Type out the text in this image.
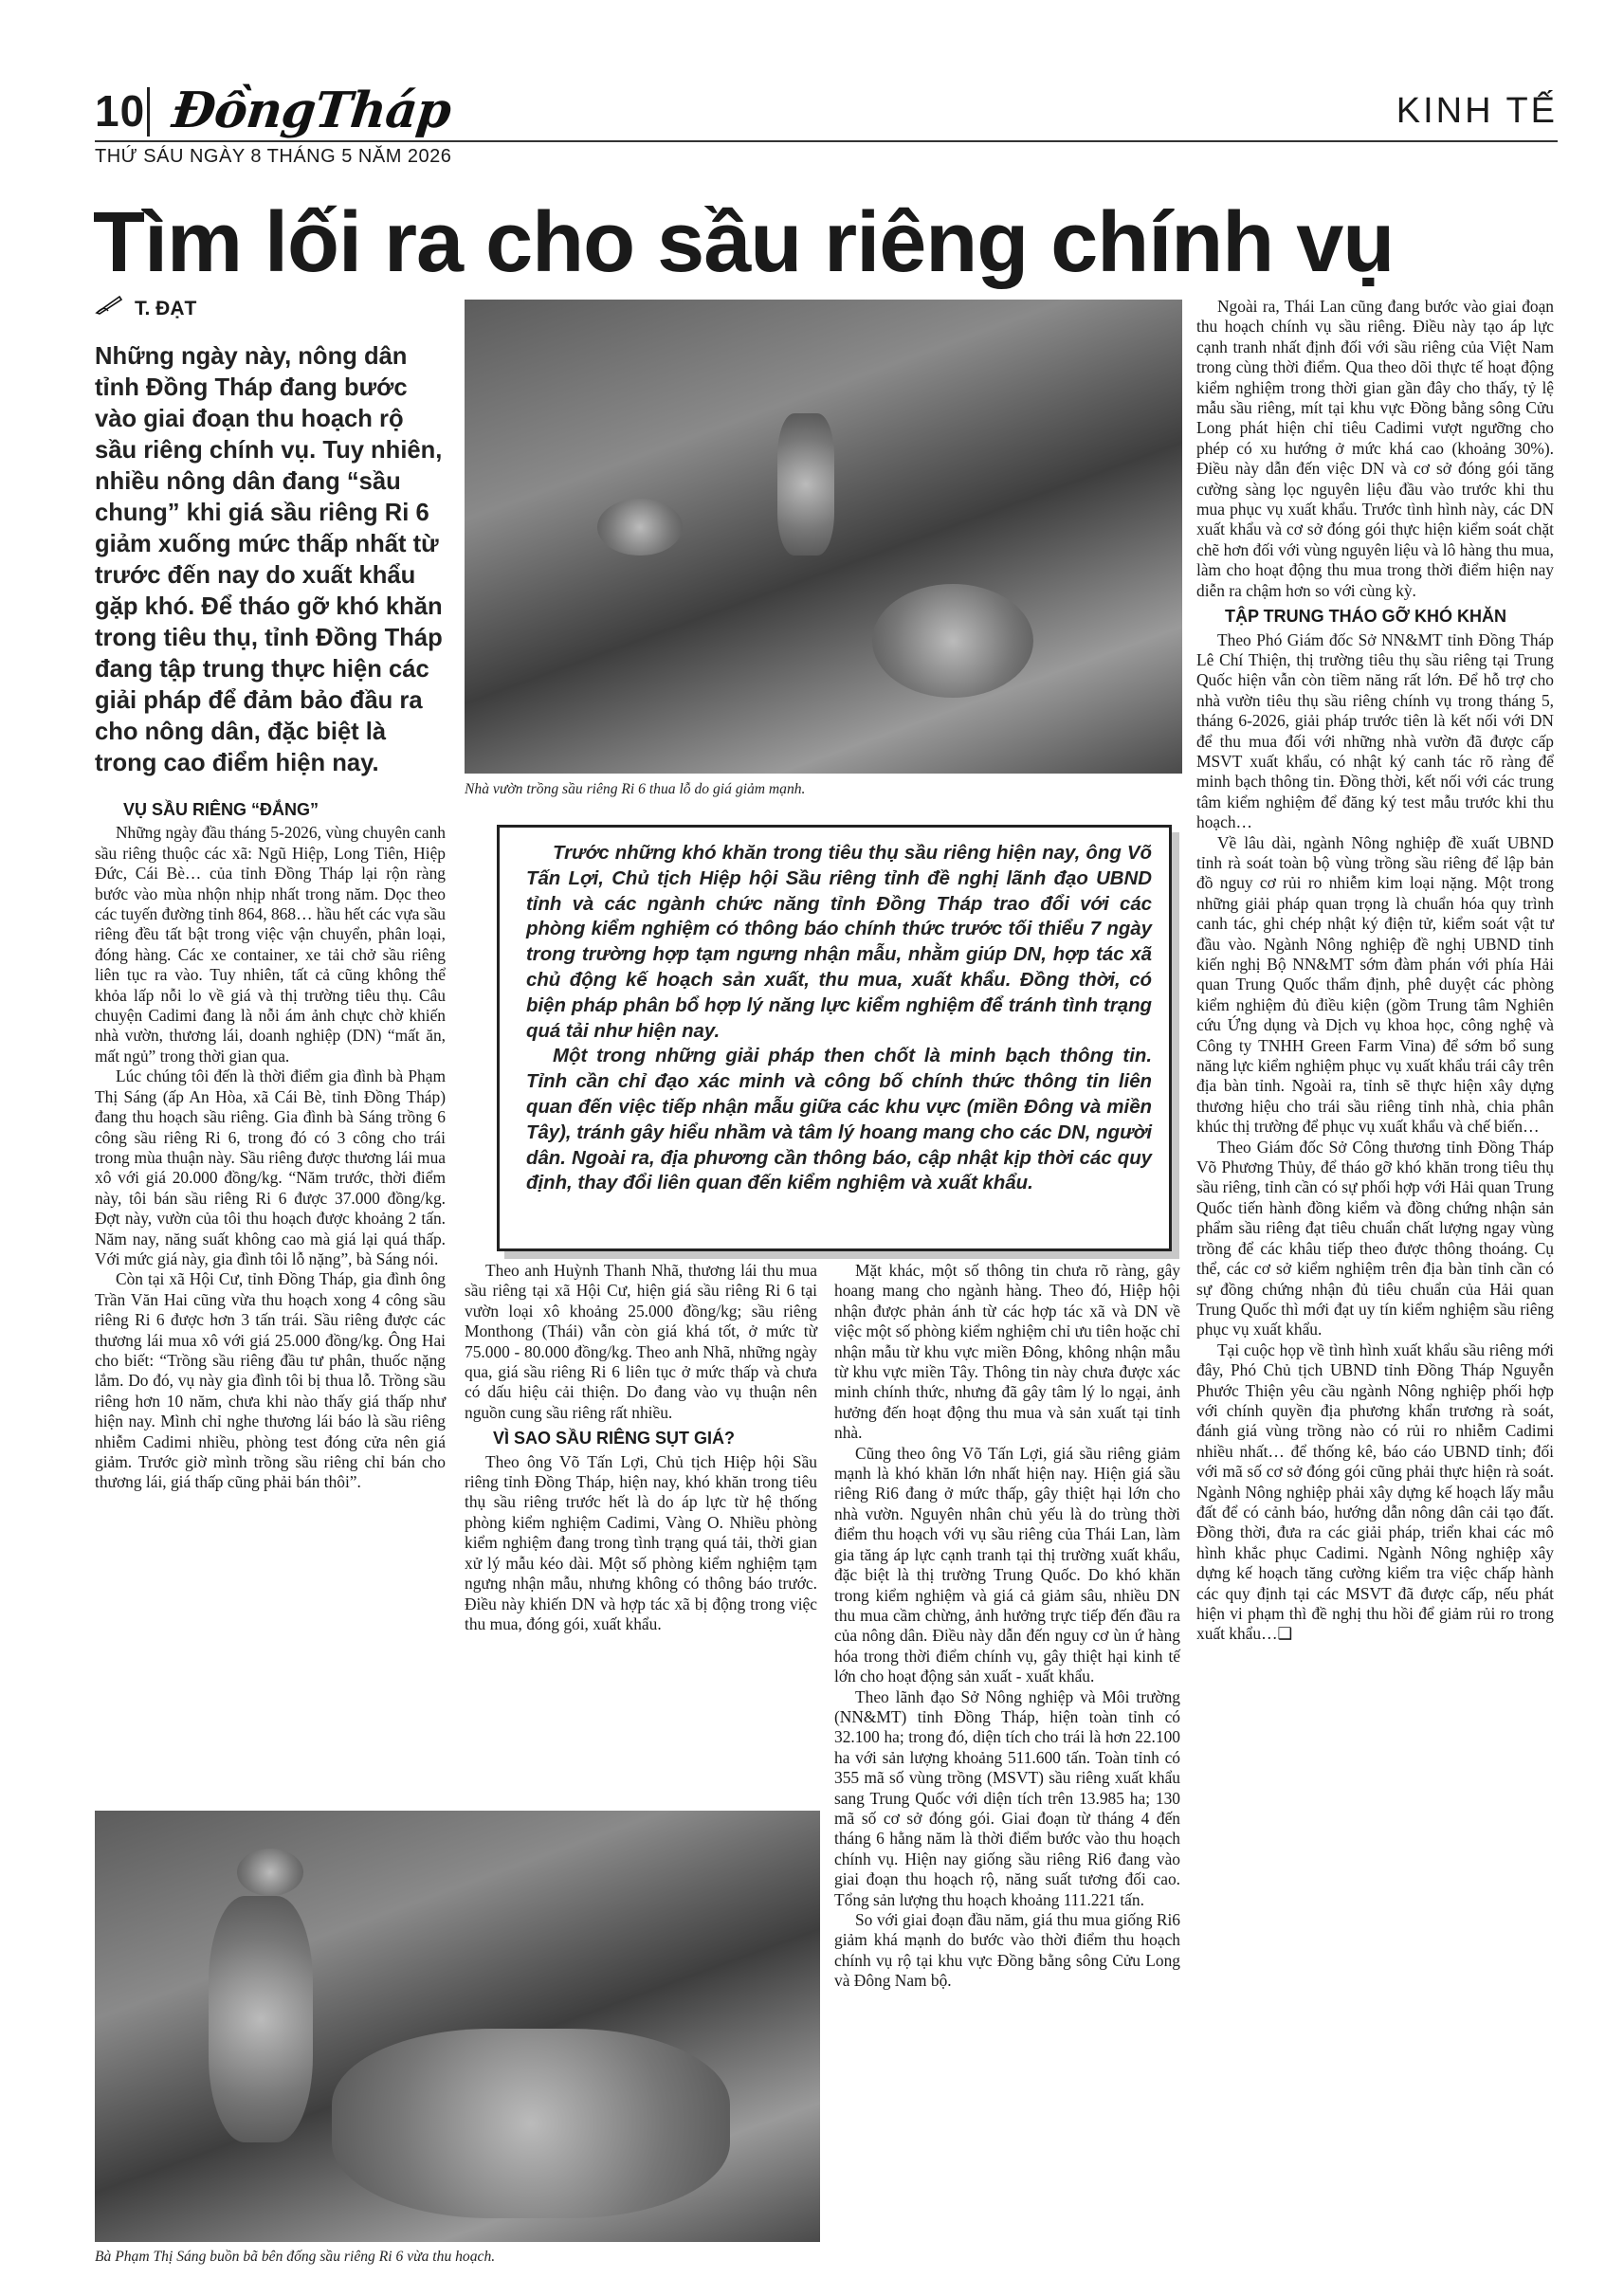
10 ĐồngTháp	KINH TẾ
THỨ SÁU NGÀY 8 THÁNG 5 NĂM 2026
Tìm lối ra cho sầu riêng chính vụ
T. ĐẠT
Những ngày này, nông dân tỉnh Đồng Tháp đang bước vào giai đoạn thu hoạch rộ sầu riêng chính vụ. Tuy nhiên, nhiều nông dân đang “sầu chung” khi giá sầu riêng Ri 6 giảm xuống mức thấp nhất từ trước đến nay do xuất khẩu gặp khó. Để tháo gỡ khó khăn trong tiêu thụ, tỉnh Đồng Tháp đang tập trung thực hiện các giải pháp để đảm bảo đầu ra cho nông dân, đặc biệt là trong cao điểm hiện nay.
Nhà vườn trồng sầu riêng Ri 6 thua lỗ do giá giảm mạnh.

Trước những khó khăn trong tiêu thụ sầu riêng hiện nay, ông Võ Tấn Lợi, Chủ tịch Hiệp hội Sầu riêng tỉnh đề nghị lãnh đạo UBND tỉnh và các ngành chức năng tỉnh Đồng Tháp trao đổi với các phòng kiểm nghiệm có thông báo chính thức trước tối thiểu 7 ngày trong trường hợp tạm ngưng nhận mẫu, nhằm giúp DN, hợp tác xã chủ động kế hoạch sản xuất, thu mua, xuất khẩu. Đồng thời, có biện pháp phân bổ hợp lý năng lực kiểm nghiệm để tránh tình trạng quá tải như hiện nay.

Một trong những giải pháp then chốt là minh bạch thông tin. Tỉnh cần chỉ đạo xác minh và công bố chính thức thông tin liên quan đến việc tiếp nhận mẫu giữa các khu vực (miền Đông và miền Tây), tránh gây hiểu nhầm và tâm lý hoang mang cho các DN, người dân. Ngoài ra, địa phương cần thông báo, cập nhật kịp thời các quy định, thay đổi liên quan đến kiểm nghiệm và xuất khẩu.

VỤ SẦU RIÊNG “ĐẮNG”

Những ngày đầu tháng 5-2026, vùng chuyên canh sầu riêng thuộc các xã: Ngũ Hiệp, Long Tiên, Hiệp Đức, Cái Bè… của tỉnh Đồng Tháp lại rộn ràng bước vào mùa nhộn nhịp nhất trong năm. Dọc theo các tuyến đường tỉnh 864, 868… hầu hết các vựa sầu riêng đều tất bật trong việc vận chuyển, phân loại, đóng hàng. Các xe container, xe tải chở sầu riêng liên tục ra vào. Tuy nhiên, tất cả cũng không thể khỏa lấp nỗi lo về giá và thị trường tiêu thụ. Câu chuyện Cadimi đang là nỗi ám ảnh chực chờ khiến nhà vườn, thương lái, doanh nghiệp (DN) “mất ăn, mất ngủ” trong thời gian qua.

Lúc chúng tôi đến là thời điểm gia đình bà Phạm Thị Sáng (ấp An Hòa, xã Cái Bè, tỉnh Đồng Tháp) đang thu hoạch sầu riêng. Gia đình bà Sáng trồng 6 công sầu riêng Ri 6, trong đó có 3 công cho trái trong mùa thuận này. Sầu riêng được thương lái mua xô với giá 20.000 đồng/kg. “Năm trước, thời điểm này, tôi bán sầu riêng Ri 6 được 37.000 đồng/kg. Đợt này, vườn của tôi thu hoạch được khoảng 2 tấn. Năm nay, năng suất không cao mà giá lại quá thấp. Với mức giá này, gia đình tôi lỗ nặng”, bà Sáng nói.

Còn tại xã Hội Cư, tỉnh Đồng Tháp, gia đình ông Trần Văn Hai cũng vừa thu hoạch xong 4 công sầu riêng Ri 6 được hơn 3 tấn trái. Sầu riêng được các thương lái mua xô với giá 25.000 đồng/kg. Ông Hai cho biết: “Trồng sầu riêng đầu tư phân, thuốc nặng lắm. Do đó, vụ này gia đình tôi bị thua lỗ. Trồng sầu riêng hơn 10 năm, chưa khi nào thấy giá thấp như hiện nay. Mình chỉ nghe thương lái báo là sầu riêng nhiễm Cadimi nhiều, phòng test đóng cửa nên giá giảm. Trước giờ mình trồng sầu riêng chỉ bán cho thương lái, giá thấp cũng phải bán thôi”.

Theo anh Huỳnh Thanh Nhã, thương lái thu mua sầu riêng tại xã Hội Cư, hiện giá sầu riêng Ri 6 tại vườn loại xô khoảng 25.000 đồng/kg; sầu riêng Monthong (Thái) vẫn còn giá khá tốt, ở mức từ 75.000 - 80.000 đồng/kg. Theo anh Nhã, những ngày qua, giá sầu riêng Ri 6 liên tục ở mức thấp và chưa có dấu hiệu cải thiện. Do đang vào vụ thuận nên nguồn cung sầu riêng rất nhiều.

VÌ SAO SẦU RIÊNG SỤT GIÁ?

Theo ông Võ Tấn Lợi, Chủ tịch Hiệp hội Sầu riêng tỉnh Đồng Tháp, hiện nay, khó khăn trong tiêu thụ sầu riêng trước hết là do áp lực từ hệ thống phòng kiểm nghiệm Cadimi, Vàng O. Nhiều phòng kiểm nghiệm đang trong tình trạng quá tải, thời gian xử lý mẫu kéo dài. Một số phòng kiểm nghiệm tạm ngưng nhận mẫu, nhưng không có thông báo trước. Điều này khiến DN và hợp tác xã bị động trong việc thu mua, đóng gói, xuất khẩu.

Mặt khác, một số thông tin chưa rõ ràng, gây hoang mang cho ngành hàng. Theo đó, Hiệp hội nhận được phản ánh từ các hợp tác xã và DN về việc một số phòng kiểm nghiệm chỉ ưu tiên hoặc chỉ nhận mẫu từ khu vực miền Đông, không nhận mẫu từ khu vực miền Tây. Thông tin này chưa được xác minh chính thức, nhưng đã gây tâm lý lo ngại, ảnh hưởng đến hoạt động thu mua và sản xuất tại tỉnh nhà.

Cũng theo ông Võ Tấn Lợi, giá sầu riêng giảm mạnh là khó khăn lớn nhất hiện nay. Hiện giá sầu riêng Ri6 đang ở mức thấp, gây thiệt hại lớn cho nhà vườn. Nguyên nhân chủ yếu là do trùng thời điểm thu hoạch với vụ sầu riêng của Thái Lan, làm gia tăng áp lực cạnh tranh tại thị trường xuất khẩu, đặc biệt là thị trường Trung Quốc. Do khó khăn trong kiểm nghiệm và giá cả giảm sâu, nhiều DN thu mua cầm chừng, ảnh hưởng trực tiếp đến đầu ra của nông dân. Điều này dẫn đến nguy cơ ùn ứ hàng hóa trong thời điểm chính vụ, gây thiệt hại kinh tế lớn cho hoạt động sản xuất - xuất khẩu.

Theo lãnh đạo Sở Nông nghiệp và Môi trường (NN&MT) tỉnh Đồng Tháp, hiện toàn tỉnh có 32.100 ha; trong đó, diện tích cho trái là hơn 22.100 ha với sản lượng khoảng 511.600 tấn. Toàn tỉnh có 355 mã số vùng trồng (MSVT) sầu riêng xuất khẩu sang Trung Quốc với diện tích trên 13.985 ha; 130 mã số cơ sở đóng gói. Giai đoạn từ tháng 4 đến tháng 6 hằng năm là thời điểm bước vào thu hoạch chính vụ. Hiện nay giống sầu riêng Ri6 đang vào giai đoạn thu hoạch rộ, năng suất tương đối cao. Tổng sản lượng thu hoạch khoảng 111.221 tấn.

So với giai đoạn đầu năm, giá thu mua giống Ri6 giảm khá mạnh do bước vào thời điểm thu hoạch chính vụ rộ tại khu vực Đồng bằng sông Cửu Long và Đông Nam bộ.

Ngoài ra, Thái Lan cũng đang bước vào giai đoạn thu hoạch chính vụ sầu riêng. Điều này tạo áp lực cạnh tranh nhất định đối với sầu riêng của Việt Nam trong cùng thời điểm. Qua theo dõi thực tế hoạt động kiểm nghiệm trong thời gian gần đây cho thấy, tỷ lệ mẫu sầu riêng, mít tại khu vực Đồng bằng sông Cửu Long phát hiện chỉ tiêu Cadimi vượt ngưỡng cho phép có xu hướng ở mức khá cao (khoảng 30%). Điều này dẫn đến việc DN và cơ sở đóng gói tăng cường sàng lọc nguyên liệu đầu vào trước khi thu mua phục vụ xuất khẩu. Trước tình hình này, các DN xuất khẩu và cơ sở đóng gói thực hiện kiểm soát chặt chẽ hơn đối với vùng nguyên liệu và lô hàng thu mua, làm cho hoạt động thu mua trong thời điểm hiện nay diễn ra chậm hơn so với cùng kỳ.

TẬP TRUNG THÁO GỠ KHÓ KHĂN

Theo Phó Giám đốc Sở NN&MT tỉnh Đồng Tháp Lê Chí Thiện, thị trường tiêu thụ sầu riêng tại Trung Quốc hiện vẫn còn tiềm năng rất lớn. Để hỗ trợ cho nhà vườn tiêu thụ sầu riêng chính vụ trong tháng 5, tháng 6-2026, giải pháp trước tiên là kết nối với DN để thu mua đối với những nhà vườn đã được cấp MSVT xuất khẩu, có nhật ký canh tác rõ ràng để minh bạch thông tin. Đồng thời, kết nối với các trung tâm kiểm nghiệm để đăng ký test mẫu trước khi thu hoạch…

Về lâu dài, ngành Nông nghiệp đề xuất UBND tỉnh rà soát toàn bộ vùng trồng sầu riêng để lập bản đồ nguy cơ rủi ro nhiễm kim loại nặng. Một trong những giải pháp quan trọng là chuẩn hóa quy trình canh tác, ghi chép nhật ký điện tử, kiểm soát vật tư đầu vào. Ngành Nông nghiệp đề nghị UBND tỉnh kiến nghị Bộ NN&MT sớm đàm phán với phía Hải quan Trung Quốc thẩm định, phê duyệt các phòng kiểm nghiệm đủ điều kiện (gồm Trung tâm Nghiên cứu Ứng dụng và Dịch vụ khoa học, công nghệ và Công ty TNHH Green Farm Vina) để sớm bổ sung năng lực kiểm nghiệm phục vụ xuất khẩu trái cây trên địa bàn tỉnh. Ngoài ra, tỉnh sẽ thực hiện xây dựng thương hiệu cho trái sầu riêng tỉnh nhà, chia phân khúc thị trường để phục vụ xuất khẩu và chế biến…

Theo Giám đốc Sở Công thương tỉnh Đồng Tháp Võ Phương Thủy, để tháo gỡ khó khăn trong tiêu thụ sầu riêng, tỉnh cần có sự phối hợp với Hải quan Trung Quốc tiến hành đồng kiểm và đồng chứng nhận sản phẩm sầu riêng đạt tiêu chuẩn chất lượng ngay vùng trồng để các khâu tiếp theo được thông thoáng. Cụ thể, các cơ sở kiểm nghiệm trên địa bàn tỉnh cần có sự đồng chứng nhận đủ tiêu chuẩn của Hải quan Trung Quốc thì mới đạt uy tín kiểm nghiệm sầu riêng phục vụ xuất khẩu.

Tại cuộc họp về tình hình xuất khẩu sầu riêng mới đây, Phó Chủ tịch UBND tỉnh Đồng Tháp Nguyễn Phước Thiện yêu cầu ngành Nông nghiệp phối hợp với chính quyền địa phương khẩn trương rà soát, đánh giá vùng trồng nào có rủi ro nhiễm Cadimi nhiều nhất… để thống kê, báo cáo UBND tỉnh; đối với mã số cơ sở đóng gói cũng phải thực hiện rà soát. Ngành Nông nghiệp phải xây dựng kế hoạch lấy mẫu đất để có cảnh báo, hướng dẫn nông dân cải tạo đất. Đồng thời, đưa ra các giải pháp, triển khai các mô hình khắc phục Cadimi. Ngành Nông nghiệp xây dựng kế hoạch tăng cường kiểm tra việc chấp hành các quy định tại các MSVT đã được cấp, nếu phát hiện vi phạm thì đề nghị thu hồi để giảm rủi ro trong xuất khẩu…❑

Bà Phạm Thị Sáng buồn bã bên đống sầu riêng Ri 6 vừa thu hoạch.
